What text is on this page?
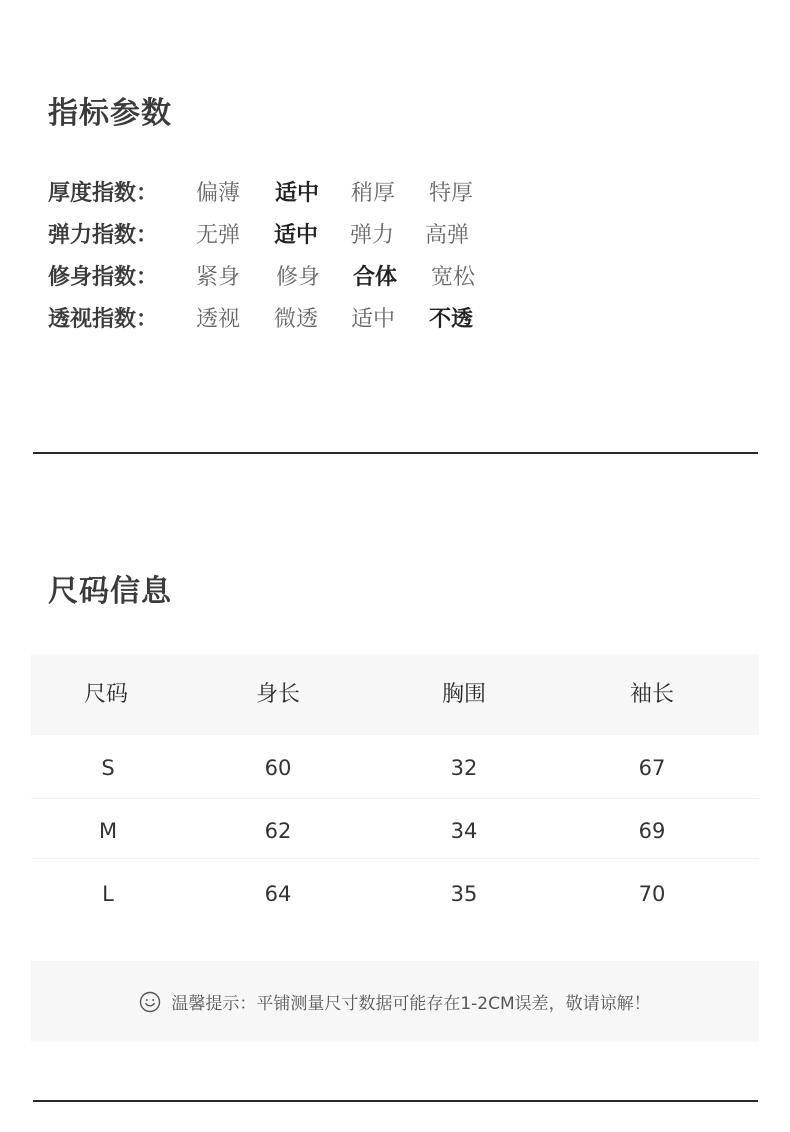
指标参数
厚度指数： 偏薄 适中 稍厚 特厚
弹力指数： 无弹 适中 弹力 高弹
修身指数： 紧身 修身 合体 宽松
透视指数： 透视 微透 适中 不透
尺码信息
尺码	身长	胸围	袖长
S	60	32	67
M	62	34	69
L	64	35	70
温馨提示：平铺测量尺寸数据可能存在1-2CM误差，敬请谅解！
